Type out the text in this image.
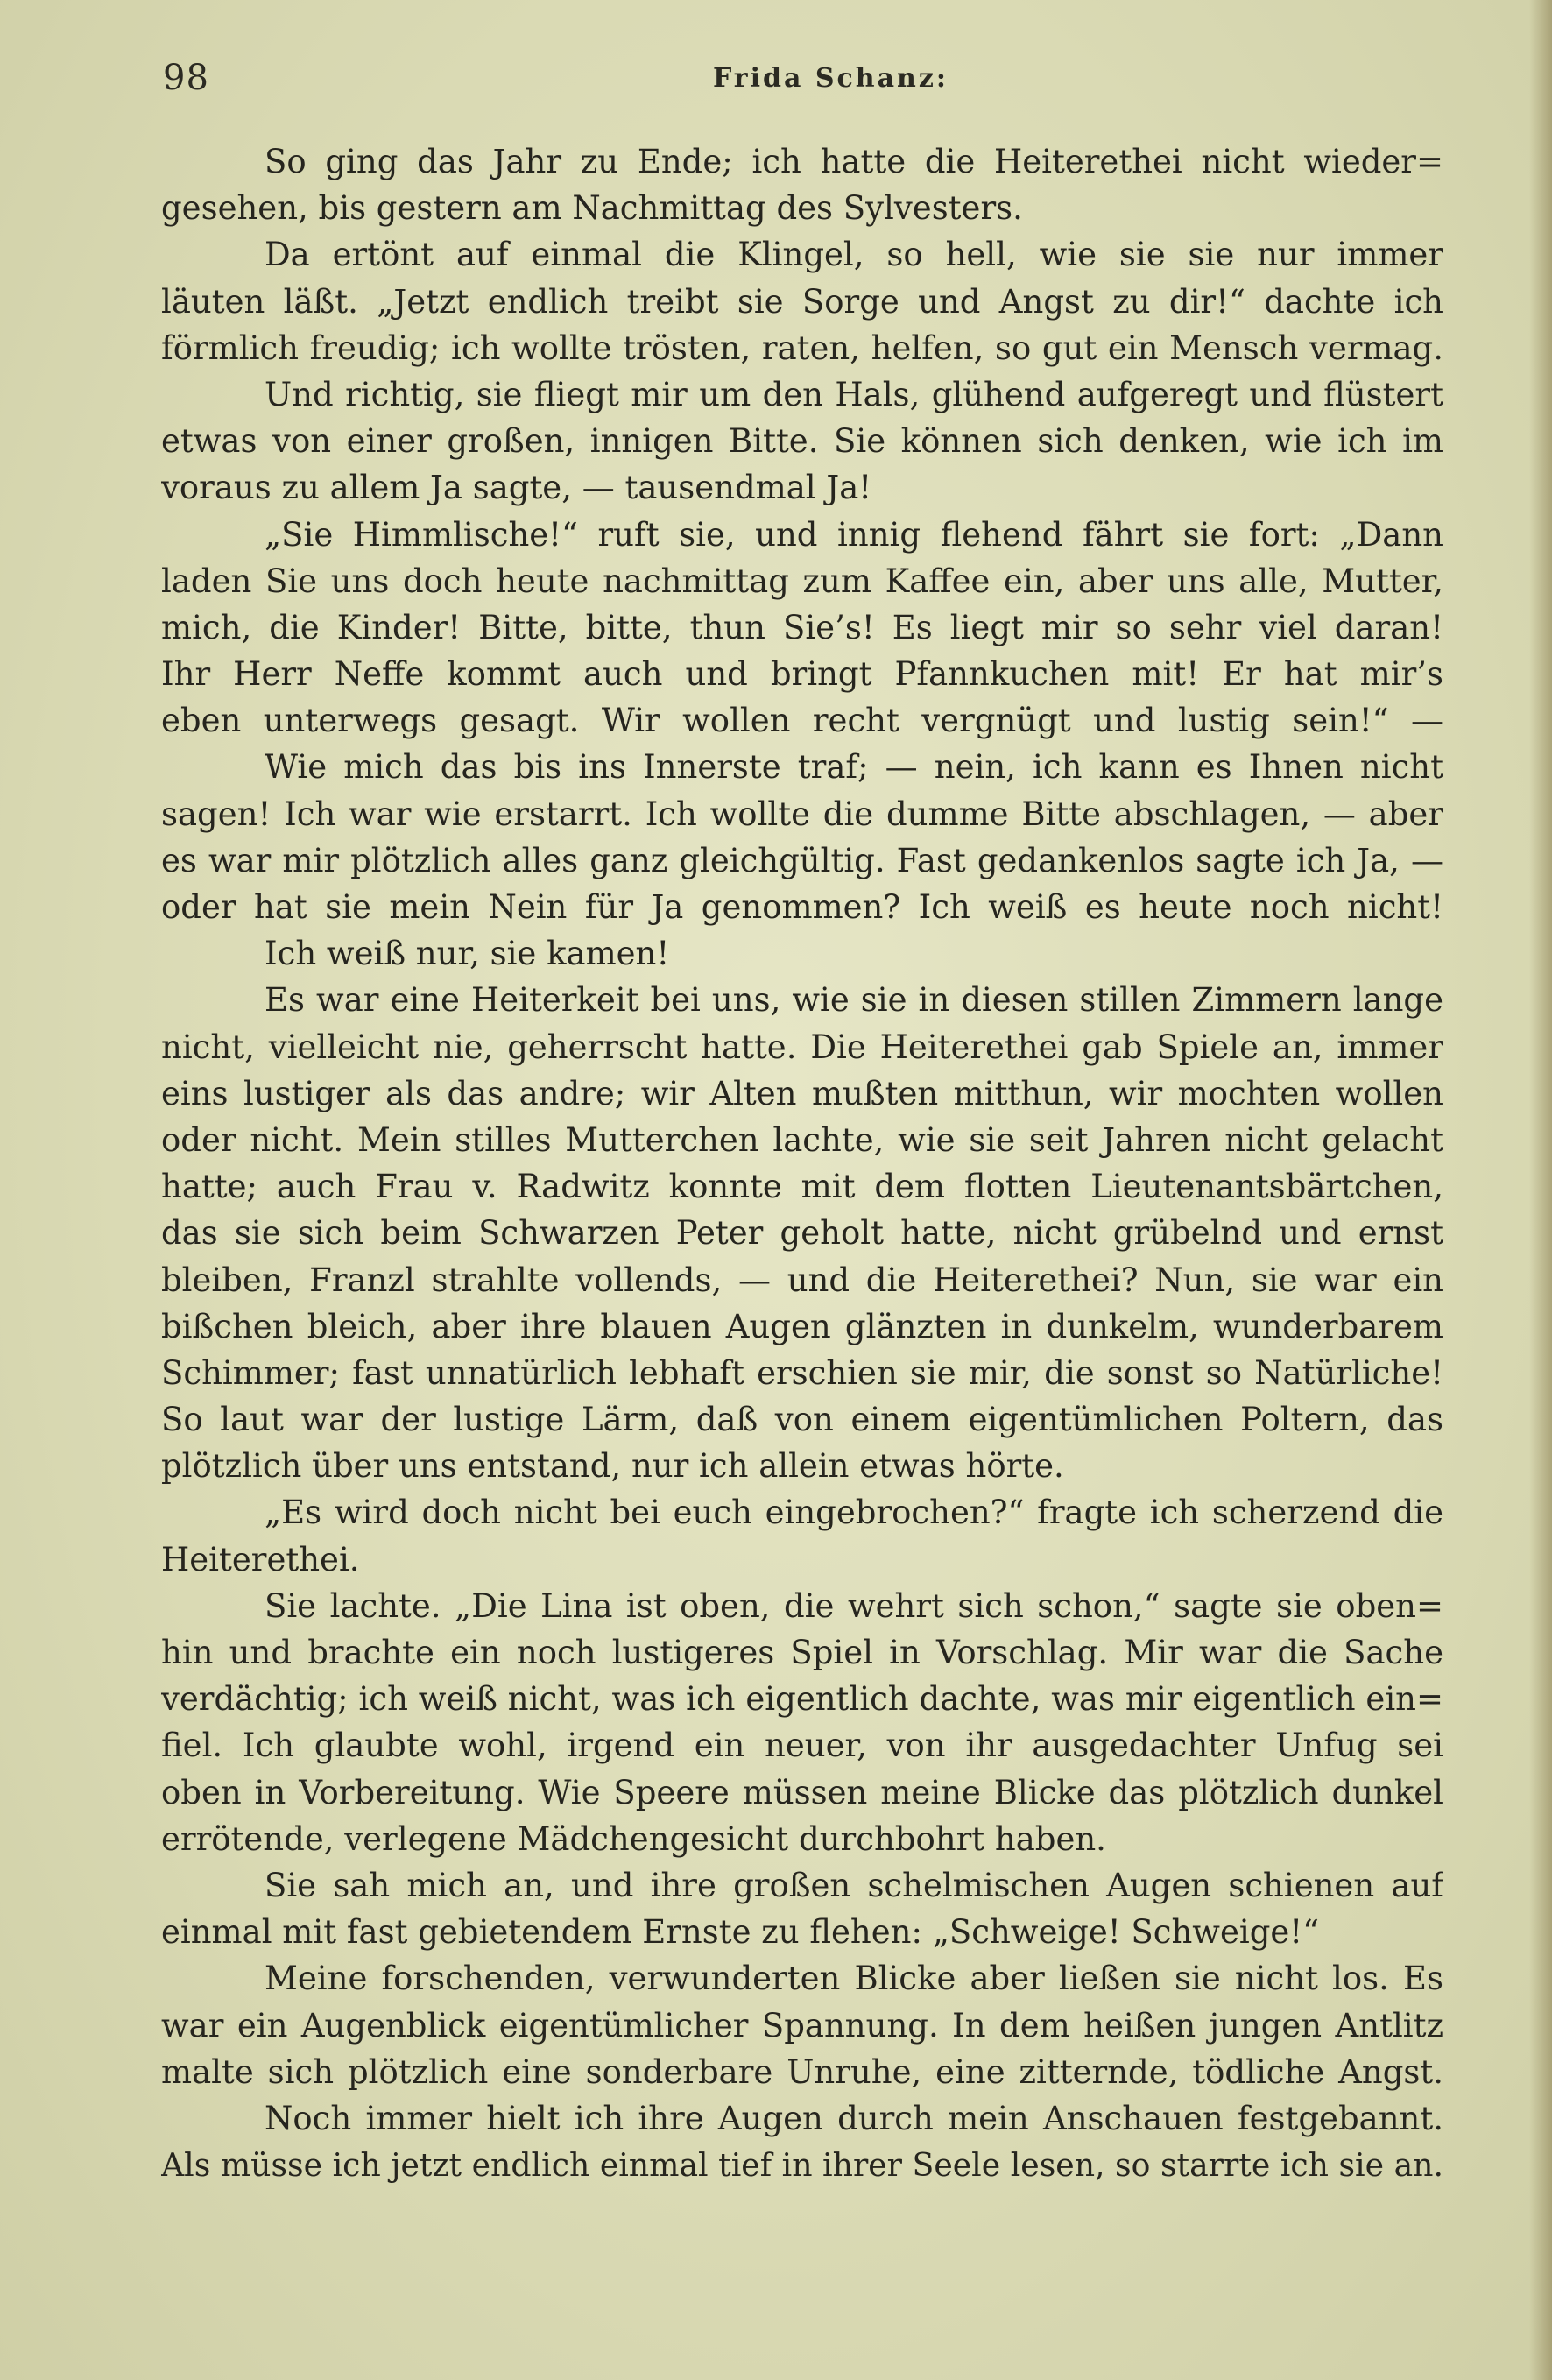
98	Frida Schanz:
So ging das Jahr zu Ende; ich hatte die Heiterethei nicht wieder=
gesehen, bis gestern am Nachmittag des Sylvesters.
Da ertönt auf einmal die Klingel, so hell, wie sie sie nur immer
läuten läßt. „Jetzt endlich treibt sie Sorge und Angst zu dir!“ dachte ich
förmlich freudig; ich wollte trösten, raten, helfen, so gut ein Mensch vermag.
Und richtig, sie fliegt mir um den Hals, glühend aufgeregt und flüstert
etwas von einer großen, innigen Bitte. Sie können sich denken, wie ich im
voraus zu allem Ja sagte, — tausendmal Ja!
„Sie Himmlische!“ ruft sie, und innig flehend fährt sie fort: „Dann
laden Sie uns doch heute nachmittag zum Kaffee ein, aber uns alle, Mutter,
mich, die Kinder! Bitte, bitte, thun Sie’s! Es liegt mir so sehr viel daran!
Ihr Herr Neffe kommt auch und bringt Pfannkuchen mit! Er hat mir’s
eben unterwegs gesagt. Wir wollen recht vergnügt und lustig sein!“ —
Wie mich das bis ins Innerste traf; — nein, ich kann es Ihnen nicht
sagen! Ich war wie erstarrt. Ich wollte die dumme Bitte abschlagen, — aber
es war mir plötzlich alles ganz gleichgültig. Fast gedankenlos sagte ich Ja, —
oder hat sie mein Nein für Ja genommen? Ich weiß es heute noch nicht!
Ich weiß nur, sie kamen!
Es war eine Heiterkeit bei uns, wie sie in diesen stillen Zimmern lange
nicht, vielleicht nie, geherrscht hatte. Die Heiterethei gab Spiele an, immer
eins lustiger als das andre; wir Alten mußten mitthun, wir mochten wollen
oder nicht. Mein stilles Mutterchen lachte, wie sie seit Jahren nicht gelacht
hatte; auch Frau v. Radwitz konnte mit dem flotten Lieutenantsbärtchen,
das sie sich beim Schwarzen Peter geholt hatte, nicht grübelnd und ernst
bleiben, Franzl strahlte vollends, — und die Heiterethei? Nun, sie war ein
bißchen bleich, aber ihre blauen Augen glänzten in dunkelm, wunderbarem
Schimmer; fast unnatürlich lebhaft erschien sie mir, die sonst so Natürliche!
So laut war der lustige Lärm, daß von einem eigentümlichen Poltern, das
plötzlich über uns entstand, nur ich allein etwas hörte.
„Es wird doch nicht bei euch eingebrochen?“ fragte ich scherzend die
Heiterethei.
Sie lachte. „Die Lina ist oben, die wehrt sich schon,“ sagte sie oben=
hin und brachte ein noch lustigeres Spiel in Vorschlag. Mir war die Sache
verdächtig; ich weiß nicht, was ich eigentlich dachte, was mir eigentlich ein=
fiel. Ich glaubte wohl, irgend ein neuer, von ihr ausgedachter Unfug sei
oben in Vorbereitung. Wie Speere müssen meine Blicke das plötzlich dunkel
errötende, verlegene Mädchengesicht durchbohrt haben.
Sie sah mich an, und ihre großen schelmischen Augen schienen auf
einmal mit fast gebietendem Ernste zu flehen: „Schweige! Schweige!“
Meine forschenden, verwunderten Blicke aber ließen sie nicht los. Es
war ein Augenblick eigentümlicher Spannung. In dem heißen jungen Antlitz
malte sich plötzlich eine sonderbare Unruhe, eine zitternde, tödliche Angst.
Noch immer hielt ich ihre Augen durch mein Anschauen festgebannt.
Als müsse ich jetzt endlich einmal tief in ihrer Seele lesen, so starrte ich sie an.
